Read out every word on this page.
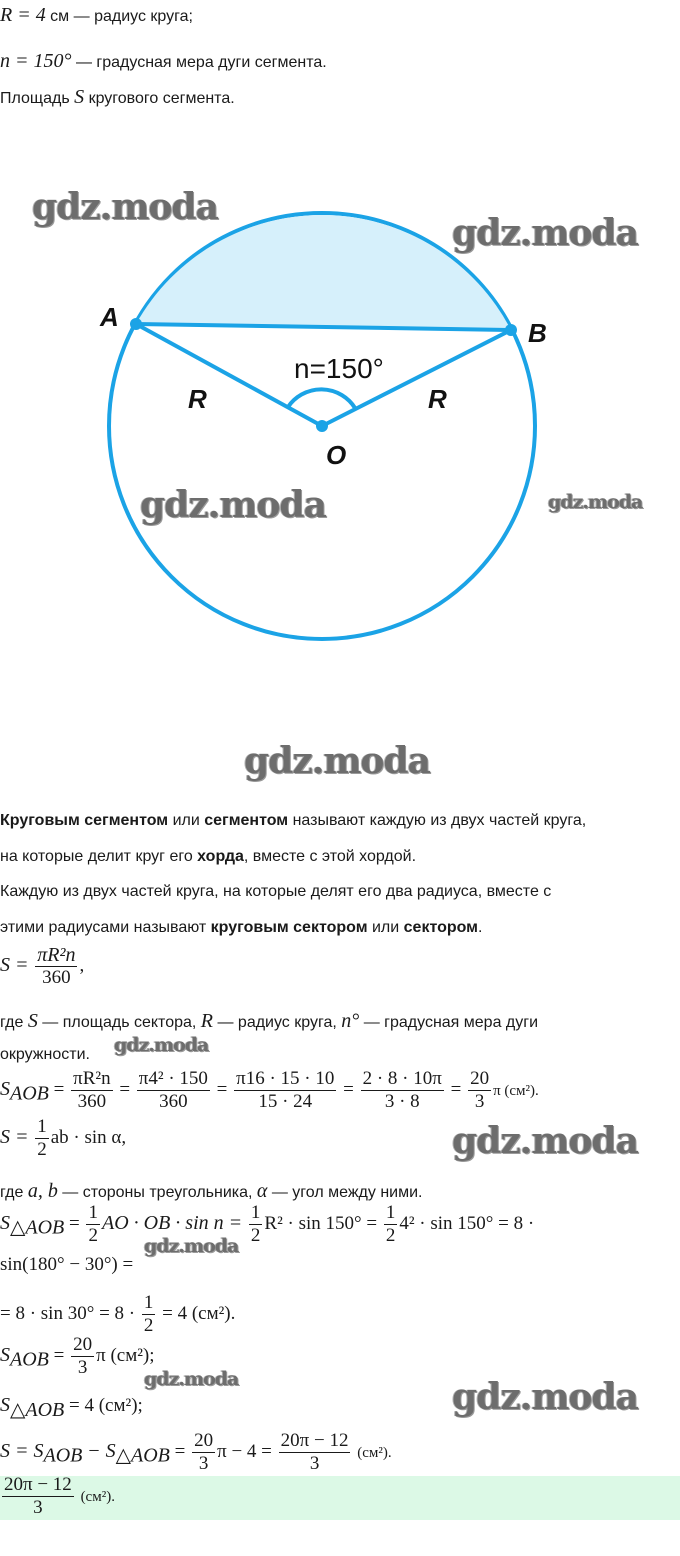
R = 4 см — радиус круга;
n = 150° — градусная мера дуги сегмента.
Площадь S кругового сегмента.
A
B
O
R	R
n=150°
gdz.moda
gdz.moda
gdz.moda	gdz.moda
gdz.moda
gdz.moda
gdz.moda
gdz.moda
gdz.moda	gdz.moda
Круговым сегментом или сегментом называют каждую из двух частей круга,
на которые делит круг его хорда, вместе с этой хордой.
Каждую из двух частей круга, на которые делят его два радиуса, вместе с
этими радиусами называют круговым сектором или сектором.
$S = \frac{\text{πR²n}}{360}$ ,
где S — площадь сектора, R — радиус круга, n° — градусная мера дуги
окружности.
$S_{AOB} = \frac{\text{πR²n}}{360} = \frac{\text{π4² · 150}}{360} = \frac{\pi 16 \cdot 15 \cdot 10}{15 \cdot 24} = \frac{2 \cdot 8 \cdot 10\pi}{3 \cdot 8} = \frac{20}{3}$ π (см²).
$S = \frac{1}{2}$ ab · sin α,
где a, b — стороны треугольника, α — угол между ними.
$S_{\triangle AOB} = \frac{1}{2}$ AO · OB · $\sin n = \frac{1}{2} R^2 \cdot \sin 150^\circ = \frac{1}{2} 4^2 \cdot \sin 150^\circ = 8$ ·
sin(180° − 30°) =
= $8 \cdot \sin 30^\circ = 8 \cdot \frac{1}{2} = 4$ (см²).
$S_{AOB} = \frac{20}{3}$ π (см²);
$S_{\triangle AOB} = 4$ (см²);
$S = S_{AOB} - S_{\triangle AOB} = \frac{20}{3}$ $\pi - 4 = \frac{20\pi - 12}{3} (см^2)$.
$\frac{20\pi - 12}{3} (см^2)$.
